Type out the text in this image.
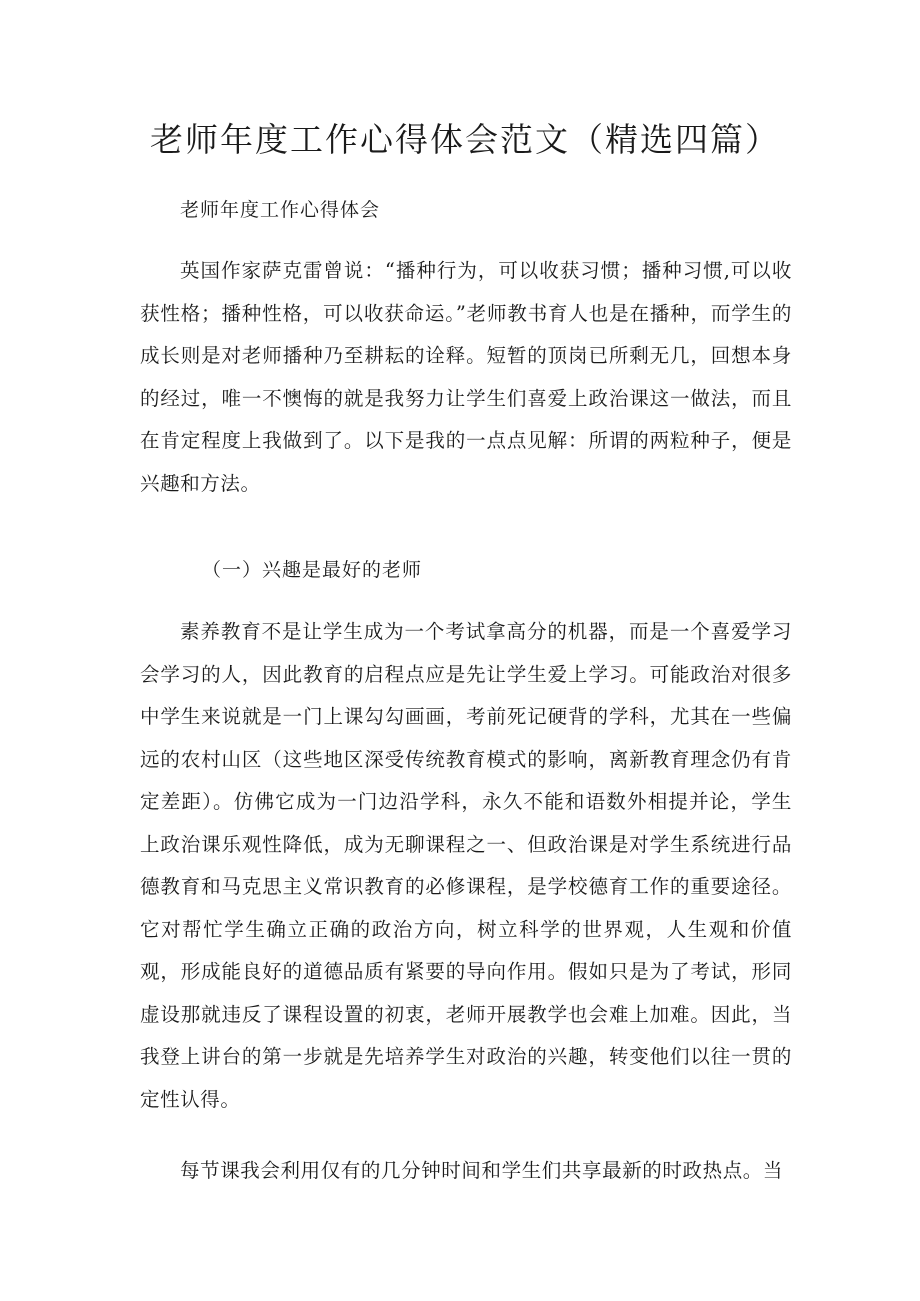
老师年度工作心得体会范文（精选四篇）

老师年度工作心得体会

英国作家萨克雷曾说：“播种行为，可以收获习惯；播种习惯,可以收获性格；播种性格，可以收获命运。”老师教书育人也是在播种，而学生的成长则是对老师播种乃至耕耘的诠释。短暂的顶岗已所剩无几，回想本身的经过，唯一不懊悔的就是我努力让学生们喜爱上政治课这一做法，而且在肯定程度上我做到了。以下是我的一点点见解：所谓的两粒种子，便是兴趣和方法。

（一）兴趣是最好的老师

素养教育不是让学生成为一个考试拿高分的机器，而是一个喜爱学习会学习的人，因此教育的启程点应是先让学生爱上学习。可能政治对很多中学生来说就是一门上课勾勾画画，考前死记硬背的学科，尤其在一些偏远的农村山区（这些地区深受传统教育模式的影响，离新教育理念仍有肯定差距）。仿佛它成为一门边沿学科，永久不能和语数外相提并论，学生上政治课乐观性降低，成为无聊课程之一、但政治课是对学生系统进行品德教育和马克思主义常识教育的必修课程，是学校德育工作的重要途径。它对帮忙学生确立正确的政治方向，树立科学的世界观，人生观和价值观，形成能良好的道德品质有紧要的导向作用。假如只是为了考试，形同虚设那就违反了课程设置的初衷，老师开展教学也会难上加难。因此，当我登上讲台的第一步就是先培养学生对政治的兴趣，转变他们以往一贯的定性认得。

每节课我会利用仅有的几分钟时间和学生们共享最新的时政热点。当
